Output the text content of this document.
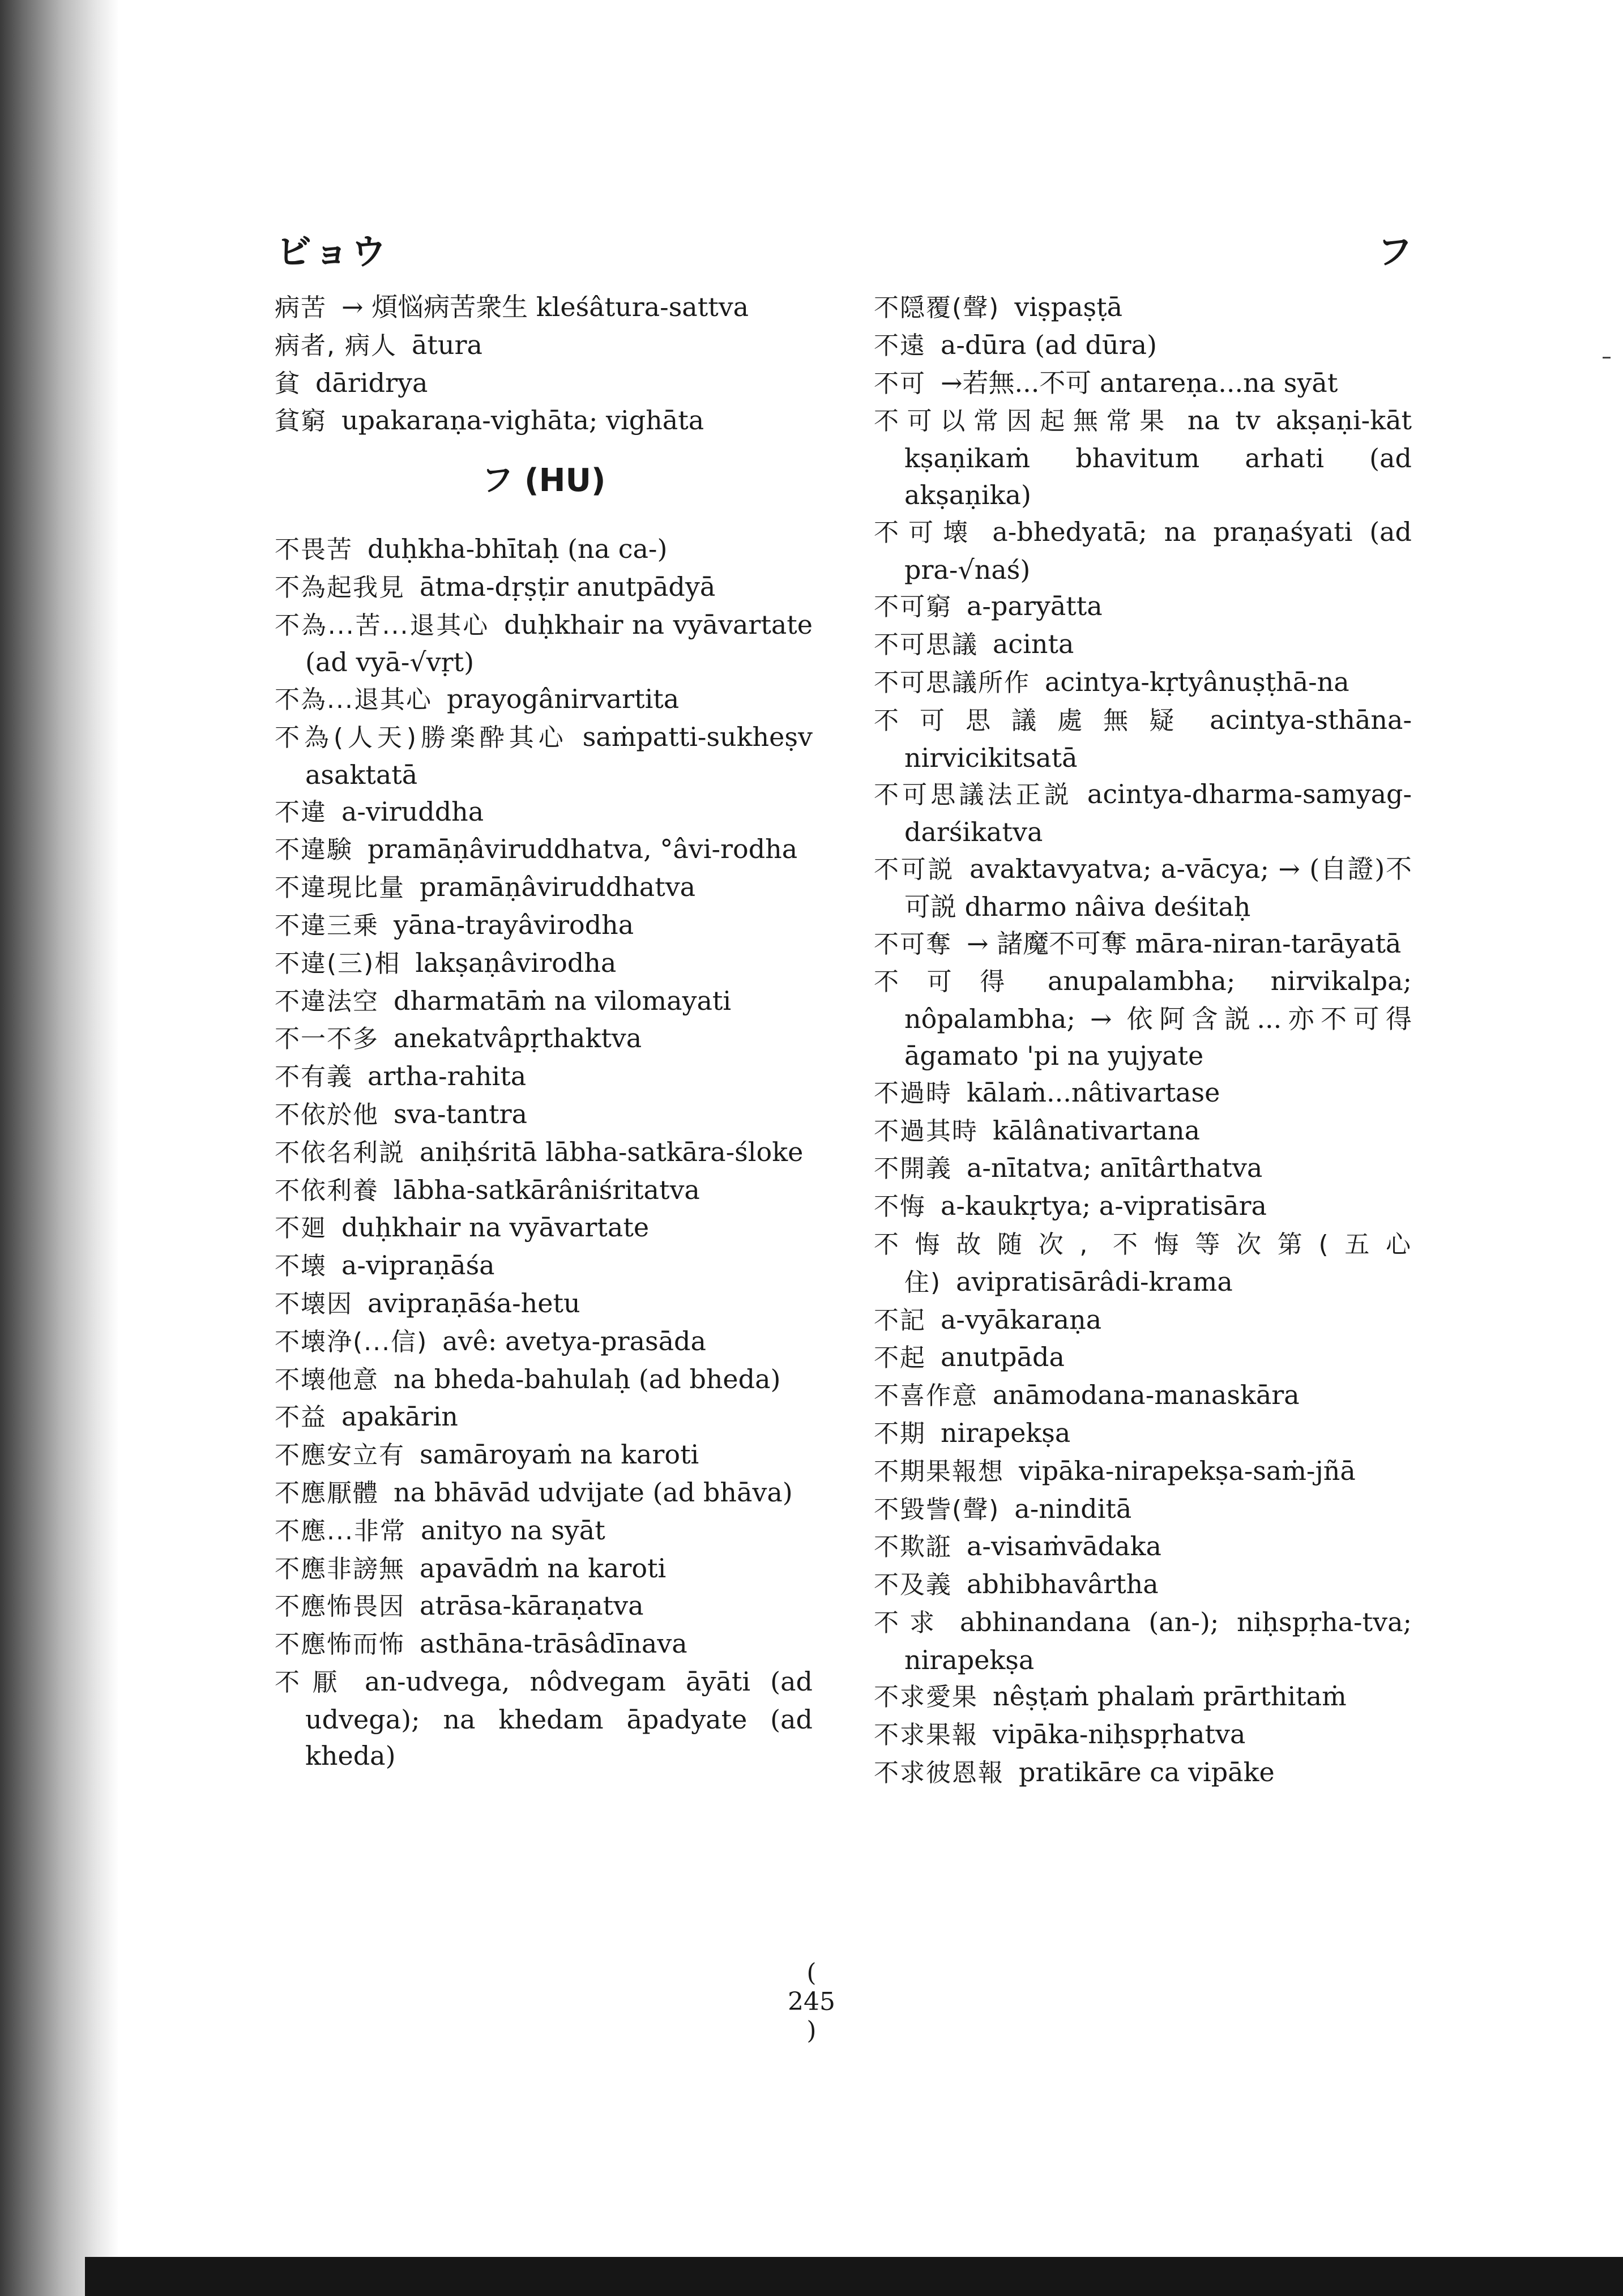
ビョウ	フ
病苦 → 煩悩病苦衆生 kleśâtura-sattva
病者, 病人 ātura
貧 dāridrya
貧窮 upakaraṇa-vighāta; vighāta
フ (HU)
不畏苦 duḥkha-bhītaḥ (na ca-)
不為起我見 ātma-dṛṣṭir anutpādyā
不為...苦...退其心 duḥkhair na vyāvartate (ad vyā-√vṛt)
不為...退其心 prayogânirvartita
不為(人天)勝楽酔其心 saṁpatti-sukheṣv asaktatā
不違 a-viruddha
不違験 pramāṇâviruddhatva, °âvi-rodha
不違現比量 pramāṇâviruddhatva
不違三乗 yāna-trayâvirodha
不違(三)相 lakṣaṇâvirodha
不違法空 dharmatāṁ na vilomayati
不一不多 anekatvâpṛthaktva
不有義 artha-rahita
不依於他 sva-tantra
不依名利説 aniḥśritā lābha-satkāra-śloke
不依利養 lābha-satkārâniśritatva
不廻 duḥkhair na vyāvartate
不壊 a-vipraṇāśa
不壊因 avipraṇāśa-hetu
不壊浄(...信) avê: avetya-prasāda
不壊他意 na bheda-bahulaḥ (ad bheda)
不益 apakārin
不應安立有 samāroyaṁ na karoti
不應厭體 na bhāvād udvijate (ad bhāva)
不應...非常 anityo na syāt
不應非謗無 apavādṁ na karoti
不應怖畏因 atrāsa-kāraṇatva
不應怖而怖 asthāna-trāsâdīnava
不厭 an-udvega, nôdvegam āyāti (ad udvega); na khedam āpadyate (ad kheda)
不隠覆(聲) viṣpaṣṭā
不遠 a-dūra (ad dūra)
不可 →若無...不可 antareṇa...na syāt
不可以常因起無常果 na tv akṣaṇi-kāt kṣaṇikaṁ bhavitum arhati (ad akṣaṇika)
不可壊 a-bhedyatā; na praṇaśyati (ad pra-√naś)
不可窮 a-paryātta
不可思議 acinta
不可思議所作 acintya-kṛtyânuṣṭhā-na
不可思議處無疑 acintya-sthāna-nirvicikitsatā
不可思議法正説 acintya-dharma-samyag-darśikatva
不可説 avaktavyatva; a-vācya; → (自證)不可説 dharmo nâiva deśitaḥ
不可奪 → 諸魔不可奪 māra-niran-tarāyatā
不可得 anupalambha; nirvikalpa; nôpalambha; → 依阿含説...亦不可得 āgamato 'pi na yujyate
不過時 kālaṁ...nâtivartase
不過其時 kālânativartana
不開義 a-nītatva; anītârthatva
不悔 a-kaukṛtya; a-vipratisāra
不悔故随次, 不悔等次第(五心住) avipratisārâdi-krama
不記 a-vyākaraṇa
不起 anutpāda
不喜作意 anāmodana-manaskāra
不期 nirapekṣa
不期果報想 vipāka-nirapekṣa-saṁ-jñā
不毀訾(聲) a-ninditā
不欺誑 a-visaṁvādaka
不及義 abhibhavârtha
不求 abhinandana (an-); niḥspṛha-tva; nirapekṣa
不求愛果 nêṣṭaṁ phalaṁ prārthitaṁ
不求果報 vipāka-niḥspṛhatva
不求彼恩報 pratikāre ca vipāke
( 245 )
